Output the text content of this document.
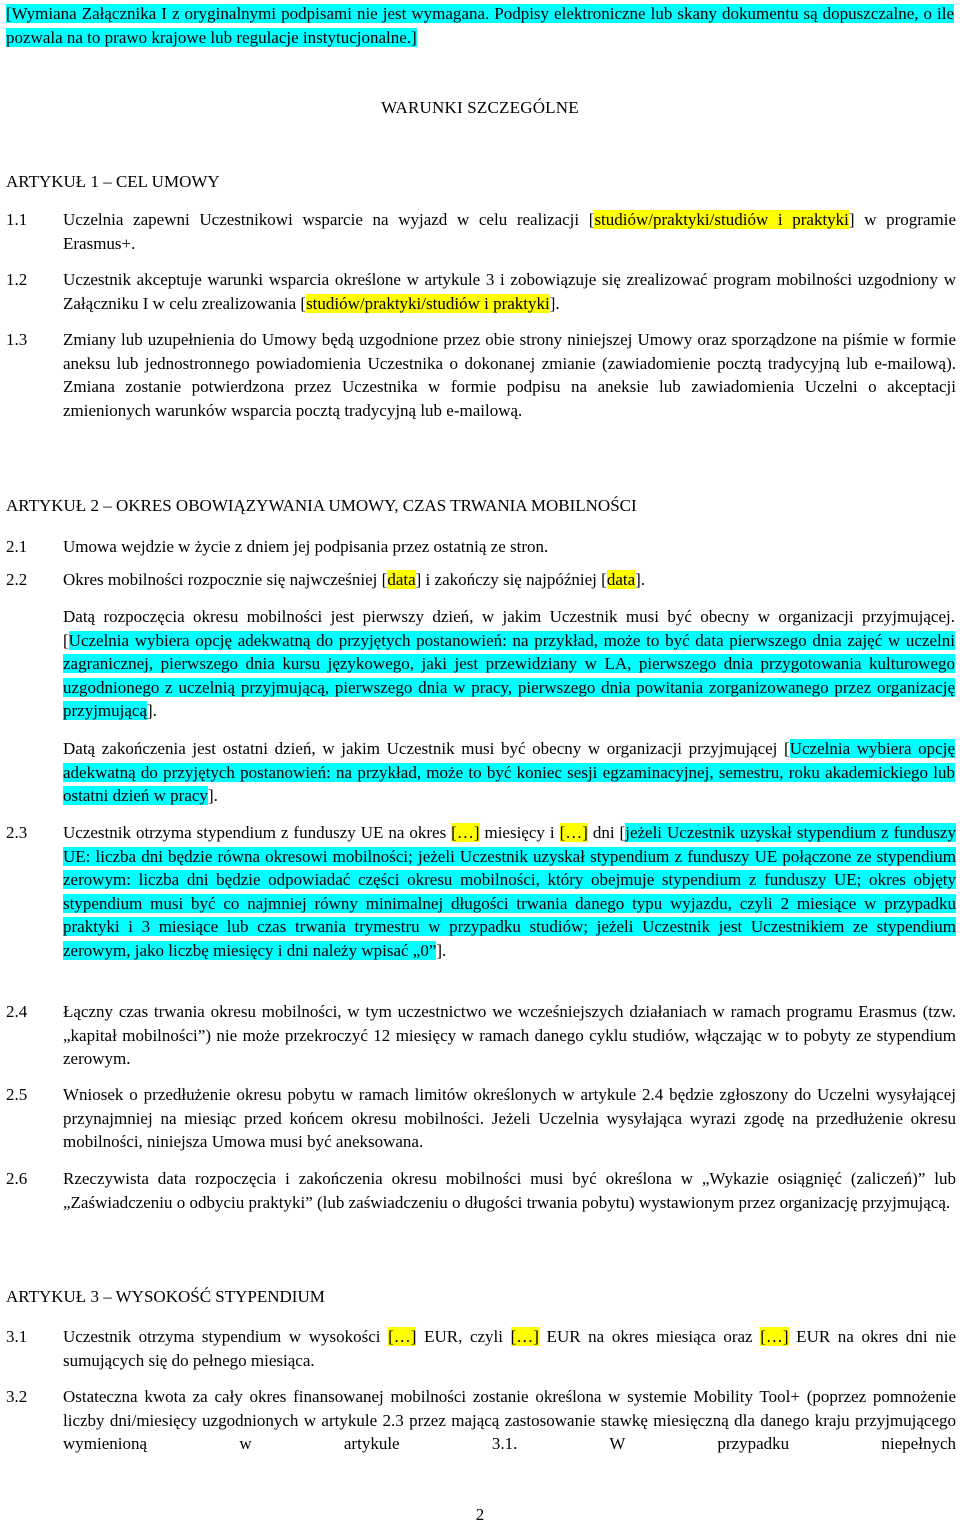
[Wymiana Załącznika I z oryginalnymi podpisami nie jest wymagana. Podpisy elektroniczne lub skany dokumentu są dopuszczalne, o ile pozwala na to prawo krajowe lub regulacje instytucjonalne.]
WARUNKI SZCZEGÓLNE
ARTYKUŁ 1 – CEL UMOWY
1.1	Uczelnia zapewni Uczestnikowi wsparcie na wyjazd w celu realizacji [studiów/praktyki/studiów i praktyki] w programie Erasmus+.
1.2	Uczestnik akceptuje warunki wsparcia określone w artykule 3 i zobowiązuje się zrealizować program mobilności uzgodniony w Załączniku I w celu zrealizowania [studiów/praktyki/studiów i praktyki].
1.3	Zmiany lub uzupełnienia do Umowy będą uzgodnione przez obie strony niniejszej Umowy oraz sporządzone na piśmie w formie aneksu lub jednostronnego powiadomienia Uczestnika o dokonanej zmianie (zawiadomienie pocztą tradycyjną lub e-mailową). Zmiana zostanie potwierdzona przez Uczestnika w formie podpisu na aneksie lub zawiadomienia Uczelni o akceptacji zmienionych warunków wsparcia pocztą tradycyjną lub e-mailową.
ARTYKUŁ 2 – OKRES OBOWIĄZYWANIA UMOWY, CZAS TRWANIA MOBILNOŚCI
2.1	Umowa wejdzie w życie z dniem jej podpisania przez ostatnią ze stron.
2.2	Okres mobilności rozpocznie się najwcześniej [data] i zakończy się najpóźniej [data].
Datą rozpoczęcia okresu mobilności jest pierwszy dzień, w jakim Uczestnik musi być obecny w organizacji przyjmującej. [Uczelnia wybiera opcję adekwatną do przyjętych postanowień: na przykład, może to być data pierwszego dnia zajęć w uczelni zagranicznej, pierwszego dnia kursu językowego, jaki jest przewidziany w LA, pierwszego dnia przygotowania kulturowego uzgodnionego z uczelnią przyjmującą, pierwszego dnia w pracy, pierwszego dnia powitania zorganizowanego przez organizację przyjmującą].
Datą zakończenia jest ostatni dzień, w jakim Uczestnik musi być obecny w organizacji przyjmującej [Uczelnia wybiera opcję adekwatną do przyjętych postanowień: na przykład, może to być koniec sesji egzaminacyjnej, semestru, roku akademickiego lub ostatni dzień w pracy].
2.3	Uczestnik otrzyma stypendium z funduszy UE na okres […] miesięcy i […] dni [jeżeli Uczestnik uzyskał stypendium z funduszy UE: liczba dni będzie równa okresowi mobilności; jeżeli Uczestnik uzyskał stypendium z funduszy UE połączone ze stypendium zerowym: liczba dni będzie odpowiadać części okresu mobilności, który obejmuje stypendium z funduszy UE; okres objęty stypendium musi być co najmniej równy minimalnej długości trwania danego typu wyjazdu, czyli 2 miesiące w przypadku praktyki i 3 miesiące lub czas trwania trymestru w przypadku studiów; jeżeli Uczestnik jest Uczestnikiem ze stypendium zerowym, jako liczbę miesięcy i dni należy wpisać „0”].
2.4	Łączny czas trwania okresu mobilności, w tym uczestnictwo we wcześniejszych działaniach w ramach programu Erasmus (tzw. „kapitał mobilności”) nie może przekroczyć 12 miesięcy w ramach danego cyklu studiów, włączając w to pobyty ze stypendium zerowym.
2.5	Wniosek o przedłużenie okresu pobytu w ramach limitów określonych w artykule 2.4 będzie zgłoszony do Uczelni wysyłającej przynajmniej na miesiąc przed końcem okresu mobilności. Jeżeli Uczelnia wysyłająca wyrazi zgodę na przedłużenie okresu mobilności, niniejsza Umowa musi być aneksowana.
2.6	Rzeczywista data rozpoczęcia i zakończenia okresu mobilności musi być określona w „Wykazie osiągnięć (zaliczeń)” lub „Zaświadczeniu o odbyciu praktyki” (lub zaświadczeniu o długości trwania pobytu) wystawionym przez organizację przyjmującą.
ARTYKUŁ 3 – WYSOKOŚĆ STYPENDIUM
3.1	Uczestnik otrzyma stypendium w wysokości […] EUR, czyli […] EUR na okres miesiąca oraz […] EUR na okres dni nie sumujących się do pełnego miesiąca.
3.2	Ostateczna kwota za cały okres finansowanej mobilności zostanie określona w systemie Mobility Tool+ (poprzez pomnożenie liczby dni/miesięcy uzgodnionych w artykule 2.3 przez mającą zastosowanie stawkę miesięczną dla danego kraju przyjmującego wymienioną w artykule 3.1. W przypadku niepełnych
2
